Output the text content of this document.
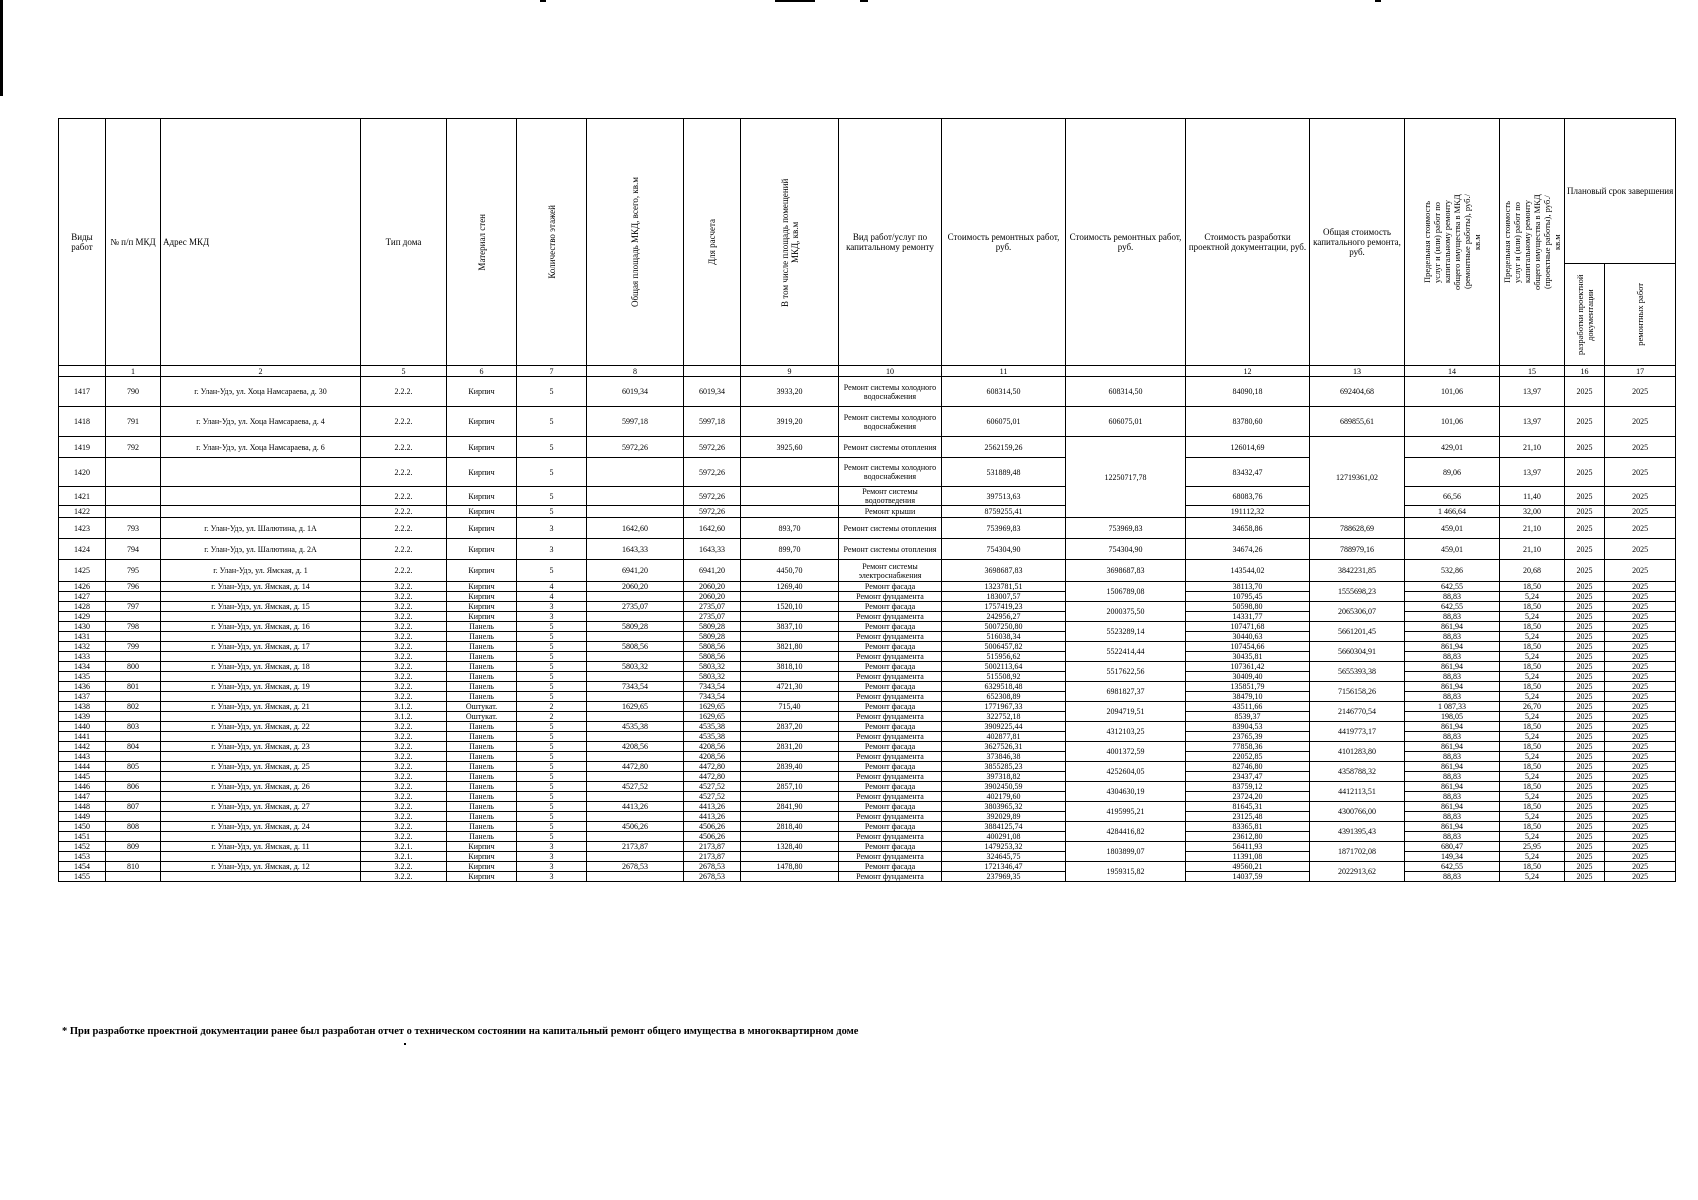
Виды работ	№ п/п МКД	Адрес МКД	Тип дома	Материал стен	Количество этажей	Общая площадь МКД, всего, кв.м	Для расчета	В том числе площадь помещений МКД, кв.м	Вид работ/услуг по капитальному ремонту	Стоимость ремонтных работ, руб.	Стоимость ремонтных работ, руб.	Стоимость разработки проектной документации, руб.	Общая стоимость капитального ремонта, руб.	Предельная стоимость услуг и (или) работ по капитальному ремонту общего имущества в МКД (ремонтные работы), руб./кв.м	Предельная стоимость услуг и (или) работ по капитальному ремонту общего имущества в МКД (проектные работы), руб./кв.м	Плановый срок завершения	

																разработки проектной документации	ремонтных работ

	1	2	5	6	7	8		9	10	11		12	13	14	15	16	17
1417	790	г. Улан-Удэ, ул. Хоца Намсараева, д. 30	2.2.2.	Кирпич	5	6019,34	6019,34	3933,20	Ремонт системы холодного водоснабжения	608314,50	608314,50	84090,18	692404,68	101,06	13,97	2025	2025
1418	791	г. Улан-Удэ, ул. Хоца Намсараева, д. 4	2.2.2.	Кирпич	5	5997,18	5997,18	3919,20	Ремонт системы холодного водоснабжения	606075,01	606075,01	83780,60	689855,61	101,06	13,97	2025	2025
1419	792	г. Улан-Удэ, ул. Хоца Намсараева, д. 6	2.2.2.	Кирпич	5	5972,26	5972,26	3925,60	Ремонт системы отопления	2562159,26	12250717,78	126014,69	12719361,02	429,01	21,10	2025	2025
1420			2.2.2.	Кирпич	5		5972,26		Ремонт системы холодного водоснабжения	531889,48		83432,47		89,06	13,97	2025	2025
1421			2.2.2.	Кирпич	5		5972,26		Ремонт системы водоотведения	397513,63		68083,76		66,56	11,40	2025	2025
1422			2.2.2.	Кирпич	5		5972,26		Ремонт крыши	8759255,41		191112,32		1 466,64	32,00	2025	2025
1423	793	г. Улан-Удэ, ул. Шалютина, д. 1А	2.2.2.	Кирпич	3	1642,60	1642,60	893,70	Ремонт системы отопления	753969,83	753969,83	34658,86	788628,69	459,01	21,10	2025	2025
1424	794	г. Улан-Удэ, ул. Шалютина, д. 2А	2.2.2.	Кирпич	3	1643,33	1643,33	899,70	Ремонт системы отопления	754304,90	754304,90	34674,26	788979,16	459,01	21,10	2025	2025
1425	795	г. Улан-Удэ, ул. Ямская, д. 1	2.2.2.	Кирпич	5	6941,20	6941,20	4450,70	Ремонт системы электроснабжения	3698687,83	3698687,83	143544,02	3842231,85	532,86	20,68	2025	2025
1426	796	г. Улан-Удэ, ул. Ямская, д. 14	3.2.2.	Кирпич	4	2060,20	2060,20	1269,40	Ремонт фасада	1323781,51	1506789,08	38113,70	1555698,23	642,55	18,50	2025	2025
1427			3.2.2.	Кирпич	4		2060,20		Ремонт фундамента	183007,57		10795,45		88,83	5,24	2025	2025
1428	797	г. Улан-Удэ, ул. Ямская, д. 15	3.2.2.	Кирпич	3	2735,07	2735,07	1520,10	Ремонт фасада	1757419,23	2000375,50	50598,80	2065306,07	642,55	18,50	2025	2025
1429			3.2.2.	Кирпич	3		2735,07		Ремонт фундамента	242956,27		14331,77		88,83	5,24	2025	2025
1430	798	г. Улан-Удэ, ул. Ямская, д. 16	3.2.2.	Панель	5	5809,28	5809,28	3837,10	Ремонт фасада	5007250,80	5523289,14	107471,68	5661201,45	861,94	18,50	2025	2025
1431			3.2.2.	Панель	5		5809,28		Ремонт фундамента	516038,34		30440,63		88,83	5,24	2025	2025
1432	799	г. Улан-Удэ, ул. Ямская, д. 17	3.2.2.	Панель	5	5808,56	5808,56	3821,80	Ремонт фасада	5006457,82	5522414,44	107454,66	5660304,91	861,94	18,50	2025	2025
1433			3.2.2.	Панель	5		5808,56		Ремонт фундамента	515956,62		30435,81		88,83	5,24	2025	2025
1434	800	г. Улан-Удэ, ул. Ямская, д. 18	3.2.2.	Панель	5	5803,32	5803,32	3818,10	Ремонт фасада	5002113,64	5517622,56	107361,42	5655393,38	861,94	18,50	2025	2025
1435			3.2.2.	Панель	5		5803,32		Ремонт фундамента	515508,92		30409,40		88,83	5,24	2025	2025
1436	801	г. Улан-Удэ, ул. Ямская, д. 19	3.2.2.	Панель	5	7343,54	7343,54	4721,30	Ремонт фасада	6329518,48	6981827,37	135851,79	7156158,26	861,94	18,50	2025	2025
1437			3.2.2.	Панель	5		7343,54		Ремонт фундамента	652308,89		38479,10		88,83	5,24	2025	2025
1438	802	г. Улан-Удэ, ул. Ямская, д. 21	3.1.2.	Оштукат.	2	1629,65	1629,65	715,40	Ремонт фасада	1771967,33	2094719,51	43511,66	2146770,54	1 087,33	26,70	2025	2025
1439			3.1.2.	Оштукат.	2		1629,65		Ремонт фундамента	322752,18		8539,37		198,05	5,24	2025	2025
1440	803	г. Улан-Удэ, ул. Ямская, д. 22	3.2.2.	Панель	5	4535,38	4535,38	2837,20	Ремонт фасада	3909225,44	4312103,25	83904,53	4419773,17	861,94	18,50	2025	2025
1441			3.2.2.	Панель	5		4535,38		Ремонт фундамента	402877,81		23765,39		88,83	5,24	2025	2025
1442	804	г. Улан-Удэ, ул. Ямская, д. 23	3.2.2.	Панель	5	4208,56	4208,56	2831,20	Ремонт фасада	3627526,31	4001372,59	77858,36	4101283,80	861,94	18,50	2025	2025
1443			3.2.2.	Панель	5		4208,56		Ремонт фундамента	373846,38		22052,85		88,83	5,24	2025	2025
1444	805	г. Улан-Удэ, ул. Ямская, д. 25	3.2.2.	Панель	5	4472,80	4472,80	2839,40	Ремонт фасада	3855285,23	4252604,05	82746,80	4358788,32	861,94	18,50	2025	2025
1445			3.2.2.	Панель	5		4472,80		Ремонт фундамента	397318,82		23437,47		88,83	5,24	2025	2025
1446	806	г. Улан-Удэ, ул. Ямская, д. 26	3.2.2.	Панель	5	4527,52	4527,52	2857,10	Ремонт фасада	3902450,59	4304630,19	83759,12	4412113,51	861,94	18,50	2025	2025
1447			3.2.2.	Панель	5		4527,52		Ремонт фундамента	402179,60		23724,20		88,83	5,24	2025	2025
1448	807	г. Улан-Удэ, ул. Ямская, д. 27	3.2.2.	Панель	5	4413,26	4413,26	2841,90	Ремонт фасада	3803965,32	4195995,21	81645,31	4300766,00	861,94	18,50	2025	2025
1449			3.2.2.	Панель	5		4413,26		Ремонт фундамента	392029,89		23125,48		88,83	5,24	2025	2025
1450	808	г. Улан-Удэ, ул. Ямская, д. 24	3.2.2.	Панель	5	4506,26	4506,26	2818,40	Ремонт фасада	3884125,74	4284416,82	83365,81	4391395,43	861,94	18,50	2025	2025
1451			3.2.2.	Панель	5		4506,26		Ремонт фундамента	400291,08		23612,80		88,83	5,24	2025	2025
1452	809	г. Улан-Удэ, ул. Ямская, д. 11	3.2.1.	Кирпич	3	2173,87	2173,87	1328,40	Ремонт фасада	1479253,32	1803899,07	56411,93	1871702,08	680,47	25,95	2025	2025
1453			3.2.1.	Кирпич	3		2173,87		Ремонт фундамента	324645,75		11391,08		149,34	5,24	2025	2025
1454	810	г. Улан-Удэ, ул. Ямская, д. 12	3.2.2.	Кирпич	3	2678,53	2678,53	1478,80	Ремонт фасада	1721346,47	1959315,82	49560,21	2022913,62	642,55	18,50	2025	2025
1455			3.2.2.	Кирпич	3		2678,53		Ремонт фундамента	237969,35		14037,59		88,83	5,24	2025	2025
* При разработке проектной документации ранее был разработан отчет о техническом состоянии на капитальный ремонт общего имущества в многоквартирном доме
